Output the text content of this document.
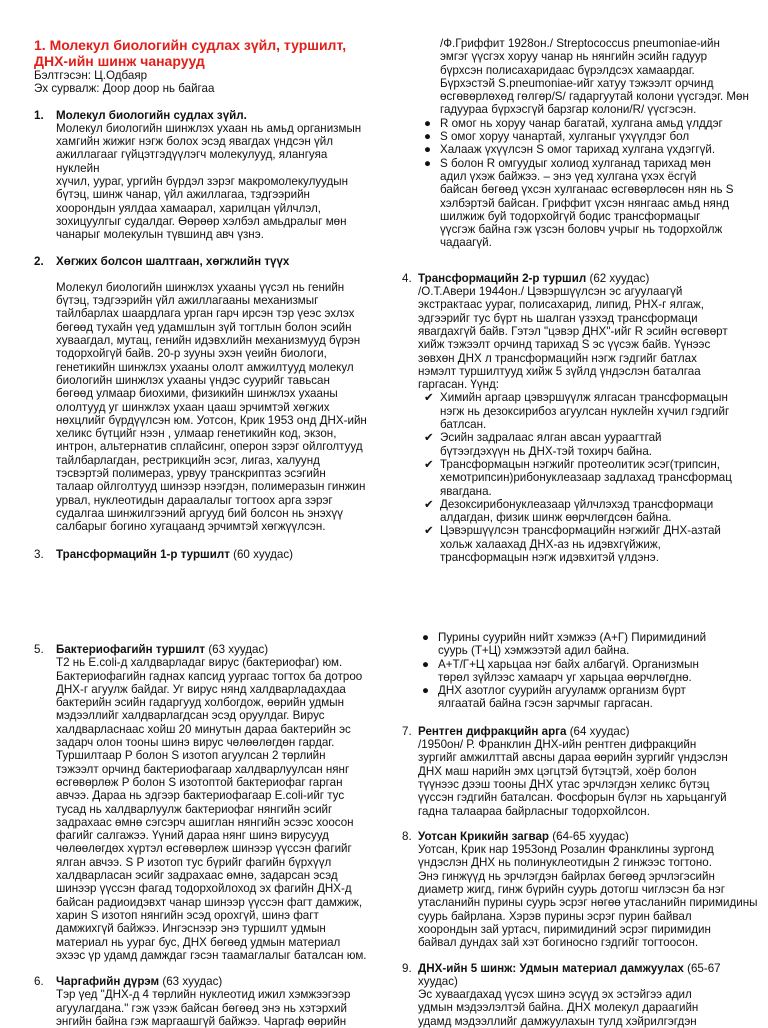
1. Молекул биологийн судлах зүйл, туршилт,

ДНХ-ийн шинж чанарууд

Бэлтгэсэн: Ц.Одбаяр

Эх сурвалж: Доор доор нь байгаа

1. Молекул биологийн судлах зүйл.

Молекул биологийн шинжлэх ухаан нь амьд организмын

хамгийн жижиг нэгж болох эсэд явагдах үндсэн үйл

ажиллагааг гүйцэтгэдүүлэгч молекулууд, ялангуяа нуклейн

хүчил, уураг, ургийн бүрдэл зэрэг макромолекулуудын

бүтэц, шинж чанар, үйл ажиллагаа, тэдгээрийн

хоорондын уялдаа хамаарал, харилцан үйлчлэл,

зохицуулгыг судалдаг. Өөрөөр хэлбэл амьдралыг мөн

чанарыг молекулын түвшинд авч үзнэ.

2. Хөгжих болсон шалтгаан, хөгжлийн түүх

Молекул биологийн шинжлэх ухааны үүсэл нь генийн

бүтэц, тэдгээрийн үйл ажиллагааны механизмыг

тайлбарлах шаардлага урган гарч ирсэн тэр үеэс эхлэх

бөгөөд тухайн үед удамшлын зүй тогтлын болон эсийн

хуваагдал, мутац, генийн идэвхлийн механизмууд бүрэн

тодорхойгүй байв. 20-р зууны эхэн үеийн биологи,

генетикийн шинжлэх ухааны ололт амжилтууд молекул

биологийн шинжлэх ухааны үндэс суурийг тавьсан

бөгөөд улмаар биохими, физикийн шинжлэх ухааны

ололтууд уг шинжлэх ухаан цааш эрчимтэй хөгжих

нөхцлийг бүрдүүлсэн юм. Уотсон, Крик 1953 онд ДНХ-ийн

хеликс бүтцийг нээн , улмаар генетикийн код, экзон,

интрон, альтернатив сплайсинг, оперон зэрэг ойлголтууд

тайлбарлагдан, рестрикцийн эсэг, лигаз, халуунд

тэсвэртэй полимераз, урвуу транскриптаз эсэгийн

талаар ойлголтууд шинээр нээгдэн, полимеразын гинжин

урвал, нуклеотидын дараалалыг тогтоох арга зэрэг

судалгаа шинжилгээний аргууд бий болсон нь энэхүү

салбарыг богино хугацаанд эрчимтэй хөгжүүлсэн.

3. Трансформацийн 1-р туршилт (60 хуудас)

5. Бактериофагийн туршилт (63 хуудас)

Т2 нь E.coli-д халдварладаг вирус (бактериофаг) юм.

Бактериофагийн гаднах капсид уургаас тогтох ба дотроо

ДНХ-г агуулж байдаг. Уг вирус нянд халдварладахдаа

бактерийн эсийн гадаргууд холбогдож, өөрийн удмын

мэдээллийг халдварлагдсан эсэд оруулдаг. Вирус

халдварласнаас хойш 20 минутын дараа бактерийн эс

задарч олон тооны шинэ вирус чөлөөлөгдөн гардаг.

Туршилтаар P болон S изотоп агуулсан 2 төрлийн

тэжээлт орчинд бактериофагаар халдварлуулсан нянг

өсгөвөрлөж P болон S изотоптой бактериофаг гарган

авчээ. Дараа нь эдгээр бактериофагаар E.coli-ийг тус

тусад нь халдварлуулж бактериофаг нянгийн эсийг

задрахаас өмнө сэгсэрч ашиглан нянгийн эсээс хоосон

фагийг салгажээ. Үүний дараа нянг шинэ вирусууд

чөлөөлөгдөх хүртэл өсгөвөрлөж шинээр үүссэн фагийг

ялган авчээ. S P изотоп тус бүрийг фагийн бүрхүүл

халдварласан эсийг задрахаас өмнө, задарсан эсэд

шинээр үүссэн фагад тодорхойлоход эх фагийн ДНХ-д

байсан радиоидэвхт чанар шинээр үүссэн фагт дамжиж,

харин S изотоп нянгийн эсэд орохгүй, шинэ фагт

дамжихгүй байжээ. Ингэснээр энэ туршилт удмын

материал нь уураг бус, ДНХ бөгөөд удмын материал

эхээс үр удамд дамждаг гэсэн таамаглалыг баталсан юм.

6. Чаргафийн дүрэм (63 хуудас)

Тэр үед "ДНХ-д 4 төрлийн нуклеотид ижил хэмжээгээр

агуулагдана." гэж үзэж байсан бөгөөд энэ нь хэтэрхий

энгийн байна гэж маргаашгүй байжээ. Чаргаф өөрийн

/Ф.Гриффит 1928он./ Streptococcus pneumoniae-ийн

эмгэг үүсгэх хоруу чанар нь нянгийн эсийн гадуур

бүрхсэн полисахаридаас бүрэлдсэх хамаардаг.

Бүрхэстэй S.pneumoniae-ийг хатуу тэжээлт орчинд

өсгөвөрлөхөд гөлгөр/S/ гадаргуутай колони үүсгэдэг. Мөн

гадуураа бүрхэсгүй барзгар колони/R/ үүсгэсэн.

● R омог нь хоруу чанар багатай, хулгана амьд үлддэг

● S омог хоруу чанартай, хулганыг үхүүлдэг бол

● Халааж үхүүлсэн S омог тарихад хулгана үхдэггүй.

● S болон R омгуудыг холиод хулганад тарихад мөн

адил үхэж байжээ. – энэ үед хулгана үхэх ёсгүй

байсан бөгөөд үхсэн хулганаас өсгөвөрлөсөн нян нь S

хэлбэртэй байсан. Гриффит үхсэн нянгаас амьд нянд

шилжиж буй тодорхойгүй бодис трансформацыг

үүсгэж байна гэж үзсэн боловч учрыг нь тодорхойлж

чадаагүй.

4. Трансформацийн 2-р туршил (62 хуудас)

/О.Т.Авери 1944он./ Цэвэршүүлсэн эс агуулаагүй

экстрактаас уураг, полисахарид, липид, РНХ-г ялгаж,

эдгээрийг тус бүрт нь шалган үзэхэд трансформаци

явагдахгүй байв. Гэтэл "цэвэр ДНХ"-ийг R эсийн өсгөвөрт

хийж тэжээлт орчинд тарихад S эс үүсэж байв. Үүнээс

зөвхөн ДНХ л трансформацийн нэгж гэдгийг батлах

нэмэлт туршилтууд хийж 5 зүйлд үндэслэн баталгаа

гаргасан. Үүнд:

✔ Химийн аргаар цэвэршүүлж ялгасан трансформацын

нэгж нь дезоксирибоз агуулсан нуклейн хүчил гэдгийг

батлсан.

✔ Эсийн задралаас ялган авсан уураагтгай

бүтээгдэхүүн нь ДНХ-тэй тохирч байна.

✔ Трансформацын нэгжийг протеолитик эсэг(трипсин,

хемотрипсин)рибонуклеазаар задлахад трансформац

явагдана.

✔ Дезоксирибонуклеазаар үйлчлэхэд трансформаци

алдагдан, физик шинж өөрчлөгдсөн байна.

✔ Цэвэршүүлсэн трансформацийн нэгжийг ДНХ-азтай

хольж халаахад ДНХ-аз нь идэвхгүйжиж,

трансформацын нэгж идэвхитэй үлдэнэ.

● Пурины суурийн нийт хэмжээ (А+Г) Пиримидиний

суурь (Т+Ц) хэмжээтэй адил байна.

● А+Т/Г+Ц харьцаа нэг байх албагүй. Организмын

төрөл зүйлээс хамаарч уг харьцаа өөрчлөгднө.

● ДНХ азотлог суурийн агууламж организм бүрт

ялгаатай байна гэсэн зарчмыг гаргасан.

7. Рентген дифракцийн арга (64 хуудас)

/1950он/ Р. Франклин ДНХ-ийн рентген дифракцийн

зургийг амжилттай авсны дараа өөрийн зургийг үндэслэн

ДНХ маш нарийн эмх цэгцтэй бүтэцтэй, хоёр болон

түүнээс дээш тооны ДНХ утас эрчлэгдэн хеликс бүтэц

үүссэн гэдгийн баталсан. Фосфорын бүлэг нь харьцангуй

гадна талаараа байрласныг тодорхойлсон.

8. Уотсан Крикийн загвар (64-65 хуудас)

Уотсан, Крик нар 1953онд Розалин Франклины зургонд

үндэслэн ДНХ нь полинуклеотидын 2 гинжээс тогтоно.

Энэ гинжүүд нь эрчлэгдэн байрлах бөгөөд эрчлэгэсийн

диаметр жигд, гинж бүрийн суурь дотогш чиглэсэн ба нэг

утасланийн пурины суурь эсрэг нөгөө утасланийн пиримидины

суурь байрлана. Хэрэв пурины эсрэг пурин байвал

хоорондын зай уртасч, пиримидиний эсрэг пиримидин

байвал дундах зай хэт богиносно гэдгийг тогтоосон.

9. ДНХ-ийн 5 шинж: Удмын материал дамжуулах (65-67

хуудас)

Эс хуваагдахад үүсэх шинэ эсүүд эх эстэйгээ адил

удмын мэдээлэлтэй байна. ДНХ молекул дараагийн

удамд мэдээллийг дамжуулахын тулд хэйрилгэгдэн
